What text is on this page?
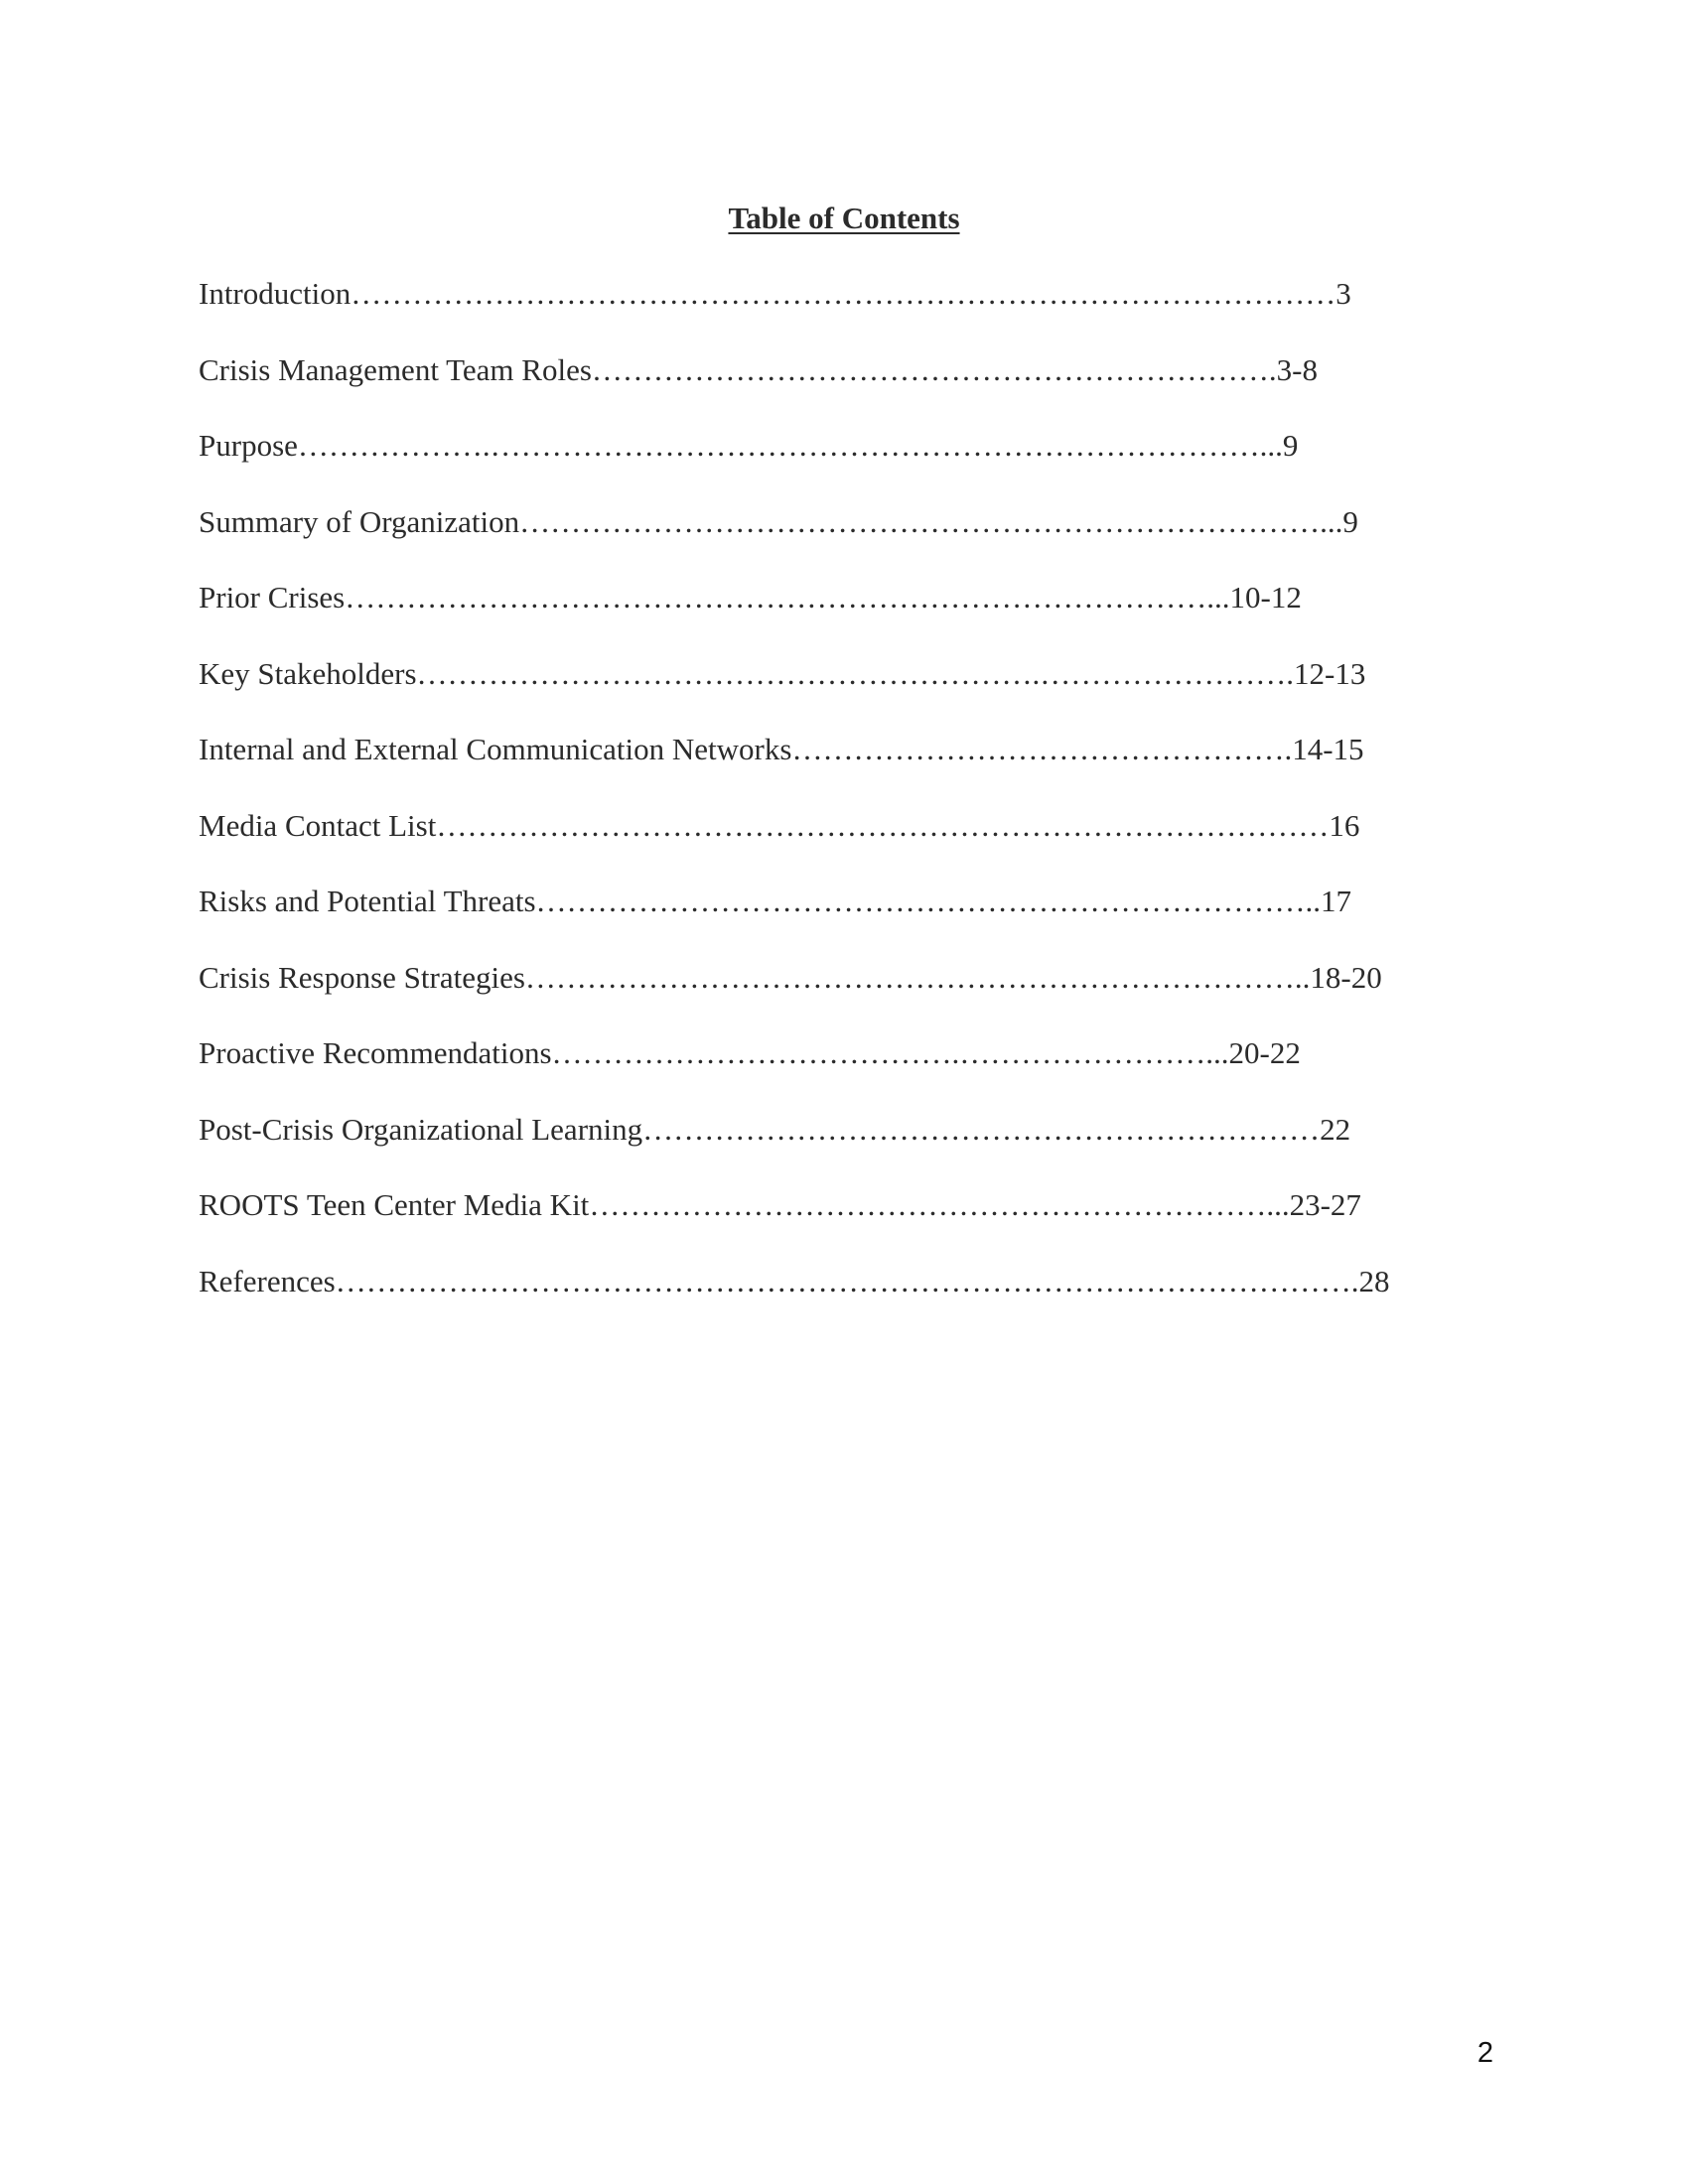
Table of Contents
Introduction……………………………………………………………………………………3
Crisis Management Team Roles………………………………………………………….3-8
Purpose……………….…………………………………………………………………...9
Summary of Organization……………………………………………………………………...9
Prior Crises…………………………………………………………………………...10-12
Key Stakeholders…………………………………………………….…………………….12-13
Internal and External Communication Networks………………………………………….14-15
Media Contact List……………………………………………………………………………16
Risks and Potential Threats…………………………………………………………………..17
Crisis Response Strategies…………………………………………………………………..18-20
Proactive Recommendations………………………………….……………………...20-22
Post-Crisis Organizational Learning…………………………………………………………22
ROOTS Teen Center Media Kit…………………………………………………………...23-27
References……………………………………………………………………………………….28
2
